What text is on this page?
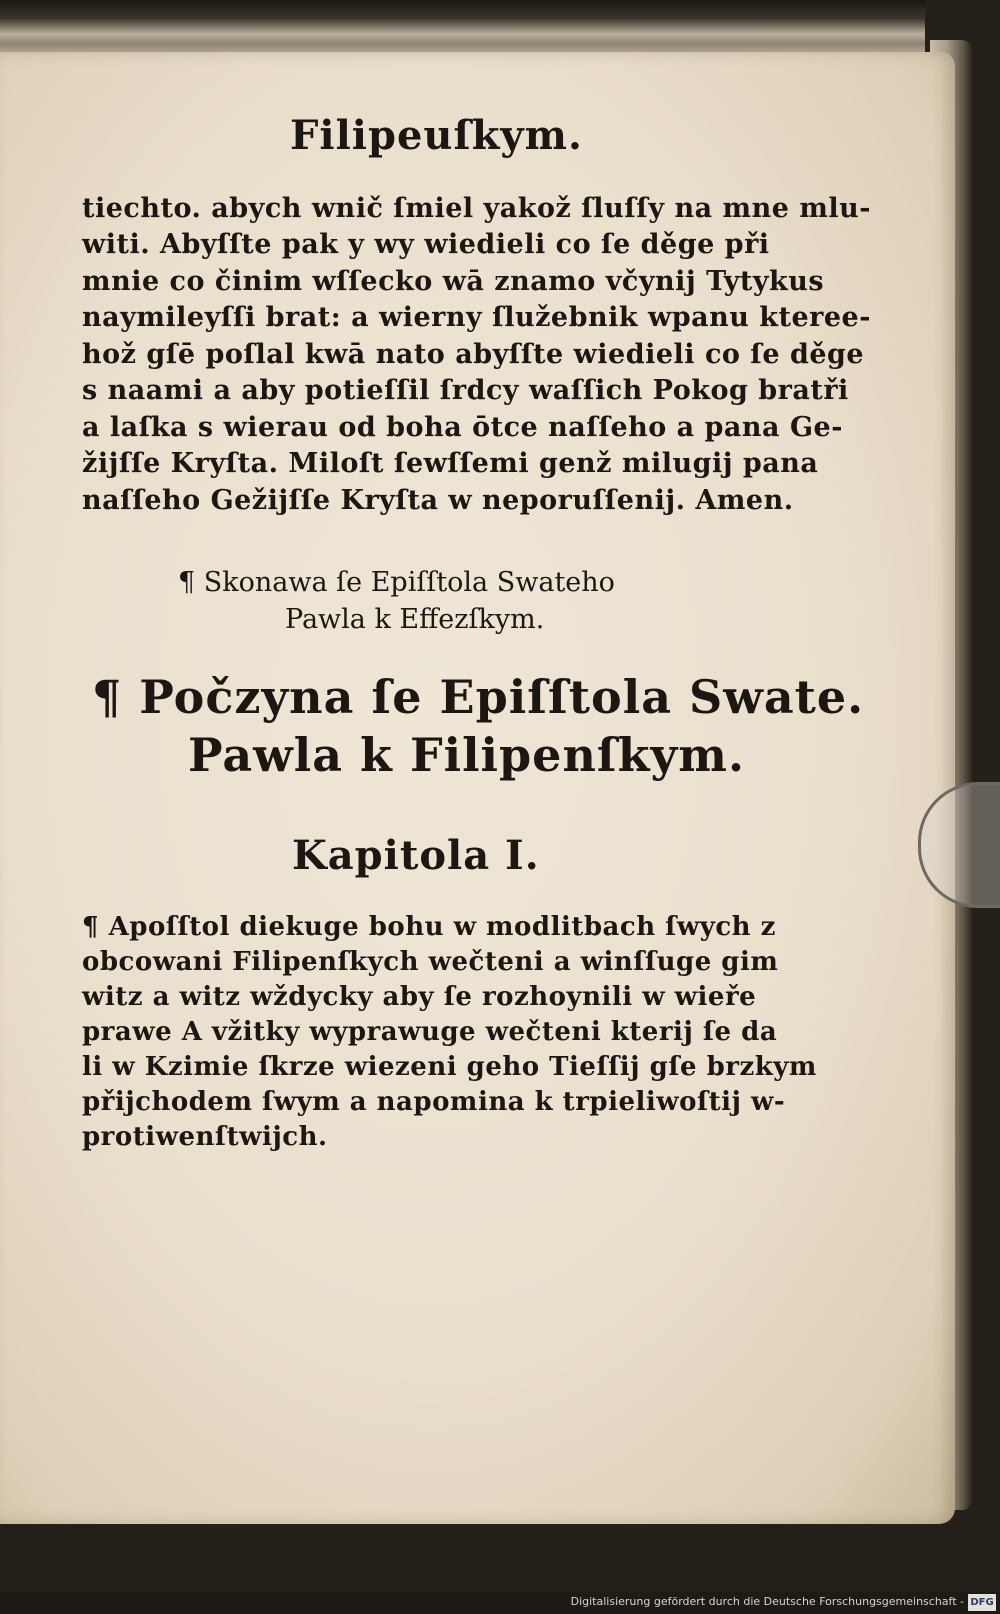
Filipeuſkym.
tiechto. abych wnič ſmiel yakož ſluſſy na mne mlu-
witi. Abyſſte pak y wy wiedieli co ſe děge při
mnie co činim wſſecko wā znamo včynij Tytykus
naymileyſſi brat: a wierny ſlužebnik wpanu kteree-
hož gſē poſlal kwā nato abyſſte wiedieli co ſe děge
s naami a aby potieſſil ſrdcy waſſich Pokog bratři
a laſka s wierau od boha ōtce naſſeho a pana Ge-
žijſſe Kryſta. Miloſt ſewſſemi genž milugij pana
naſſeho Gežijſſe Kryſta w neporuſſenij. Amen.
¶ Skonawa ſe Epiſſtola Swateho
Pawla k Effezſkym.
¶ Počzyna ſe Epiſſtola Swate.
Pawla k Filipenſkym.
Kapitola I.
¶ Apoſſtol diekuge bohu w modlitbach ſwych z
obcowani Filipenſkych wečteni a winſſuge gim
witz a witz wždycky aby ſe rozhoynili w wieře
prawe A vžitky wyprawuge wečteni kterij ſe da
li w Kzimie ſkrze wiezeni geho Tieſſij gſe brzkym
přijchodem ſwym a napomina k trpieliwoſtij w-
protiwenſtwijch.
Digitalisierung gefördert durch die Deutsche Forschungsgemeinschaft - DFG
